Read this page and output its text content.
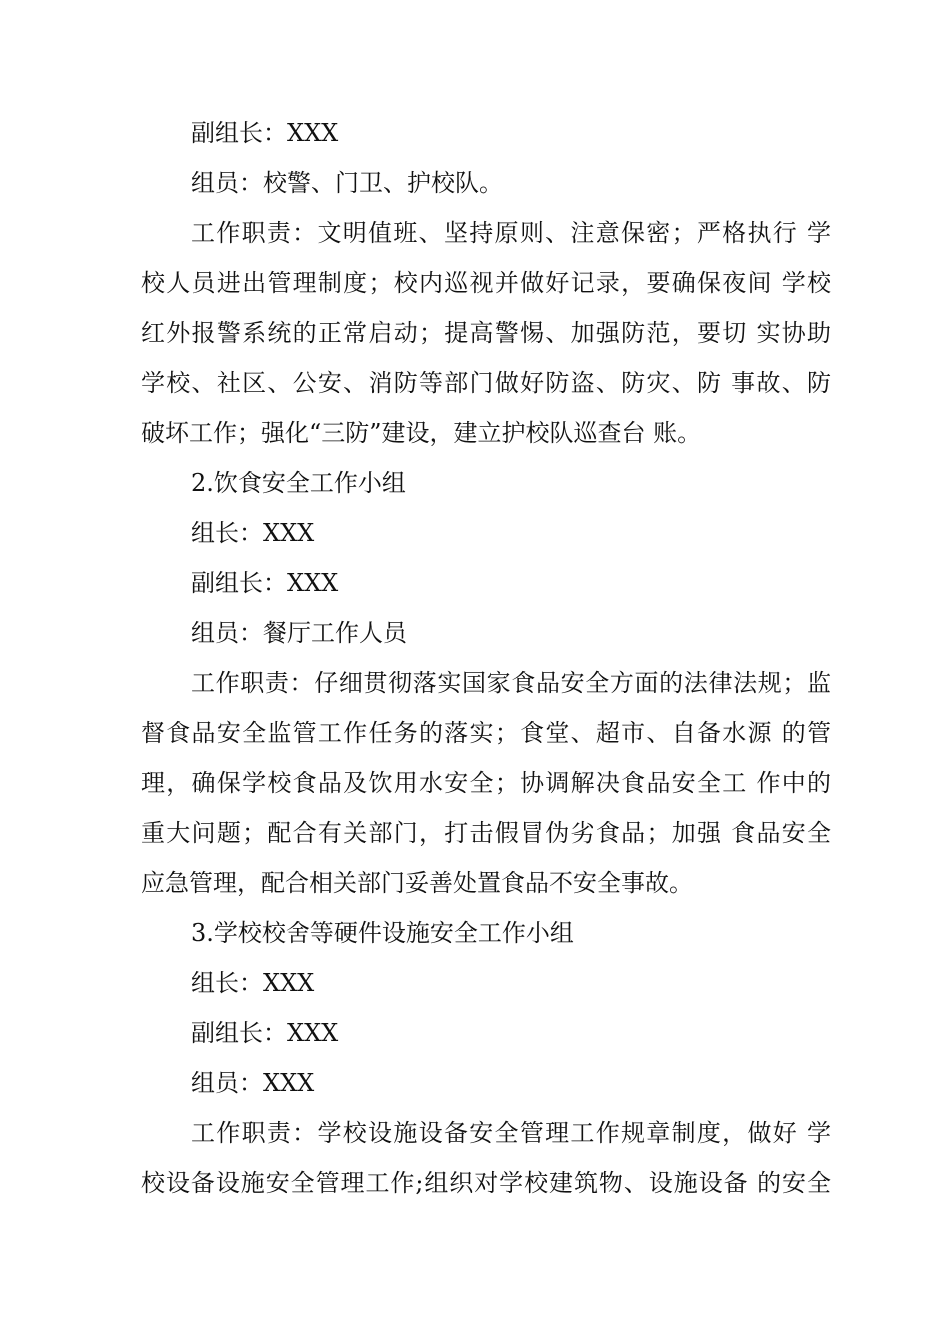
副组长：XXX
组员：校警、门卫、护校队。
工作职责：文明值班、坚持原则、注意保密；严格执行 学
校人员进出管理制度；校内巡视并做好记录，要确保夜间 学校
红外报警系统的正常启动；提高警惕、加强防范，要切 实协助
学校、社区、公安、消防等部门做好防盗、防灾、防 事故、防
破坏工作；强化“三防”建设，建立护校队巡查台 账。
2.饮食安全工作小组
组长：XXX
副组长：XXX
组员：餐厅工作人员
工作职责：仔细贯彻落实国家食品安全方面的法律法规；监
督食品安全监管工作任务的落实；食堂、超市、自备水源 的管
理，确保学校食品及饮用水安全；协调解决食品安全工 作中的
重大问题；配合有关部门，打击假冒伪劣食品；加强 食品安全
应急管理，配合相关部门妥善处置食品不安全事故。
3.学校校舍等硬件设施安全工作小组
组长：XXX
副组长：XXX
组员：XXX
工作职责：学校设施设备安全管理工作规章制度，做好 学
校设备设施安全管理工作;组织对学校建筑物、设施设备 的安全
